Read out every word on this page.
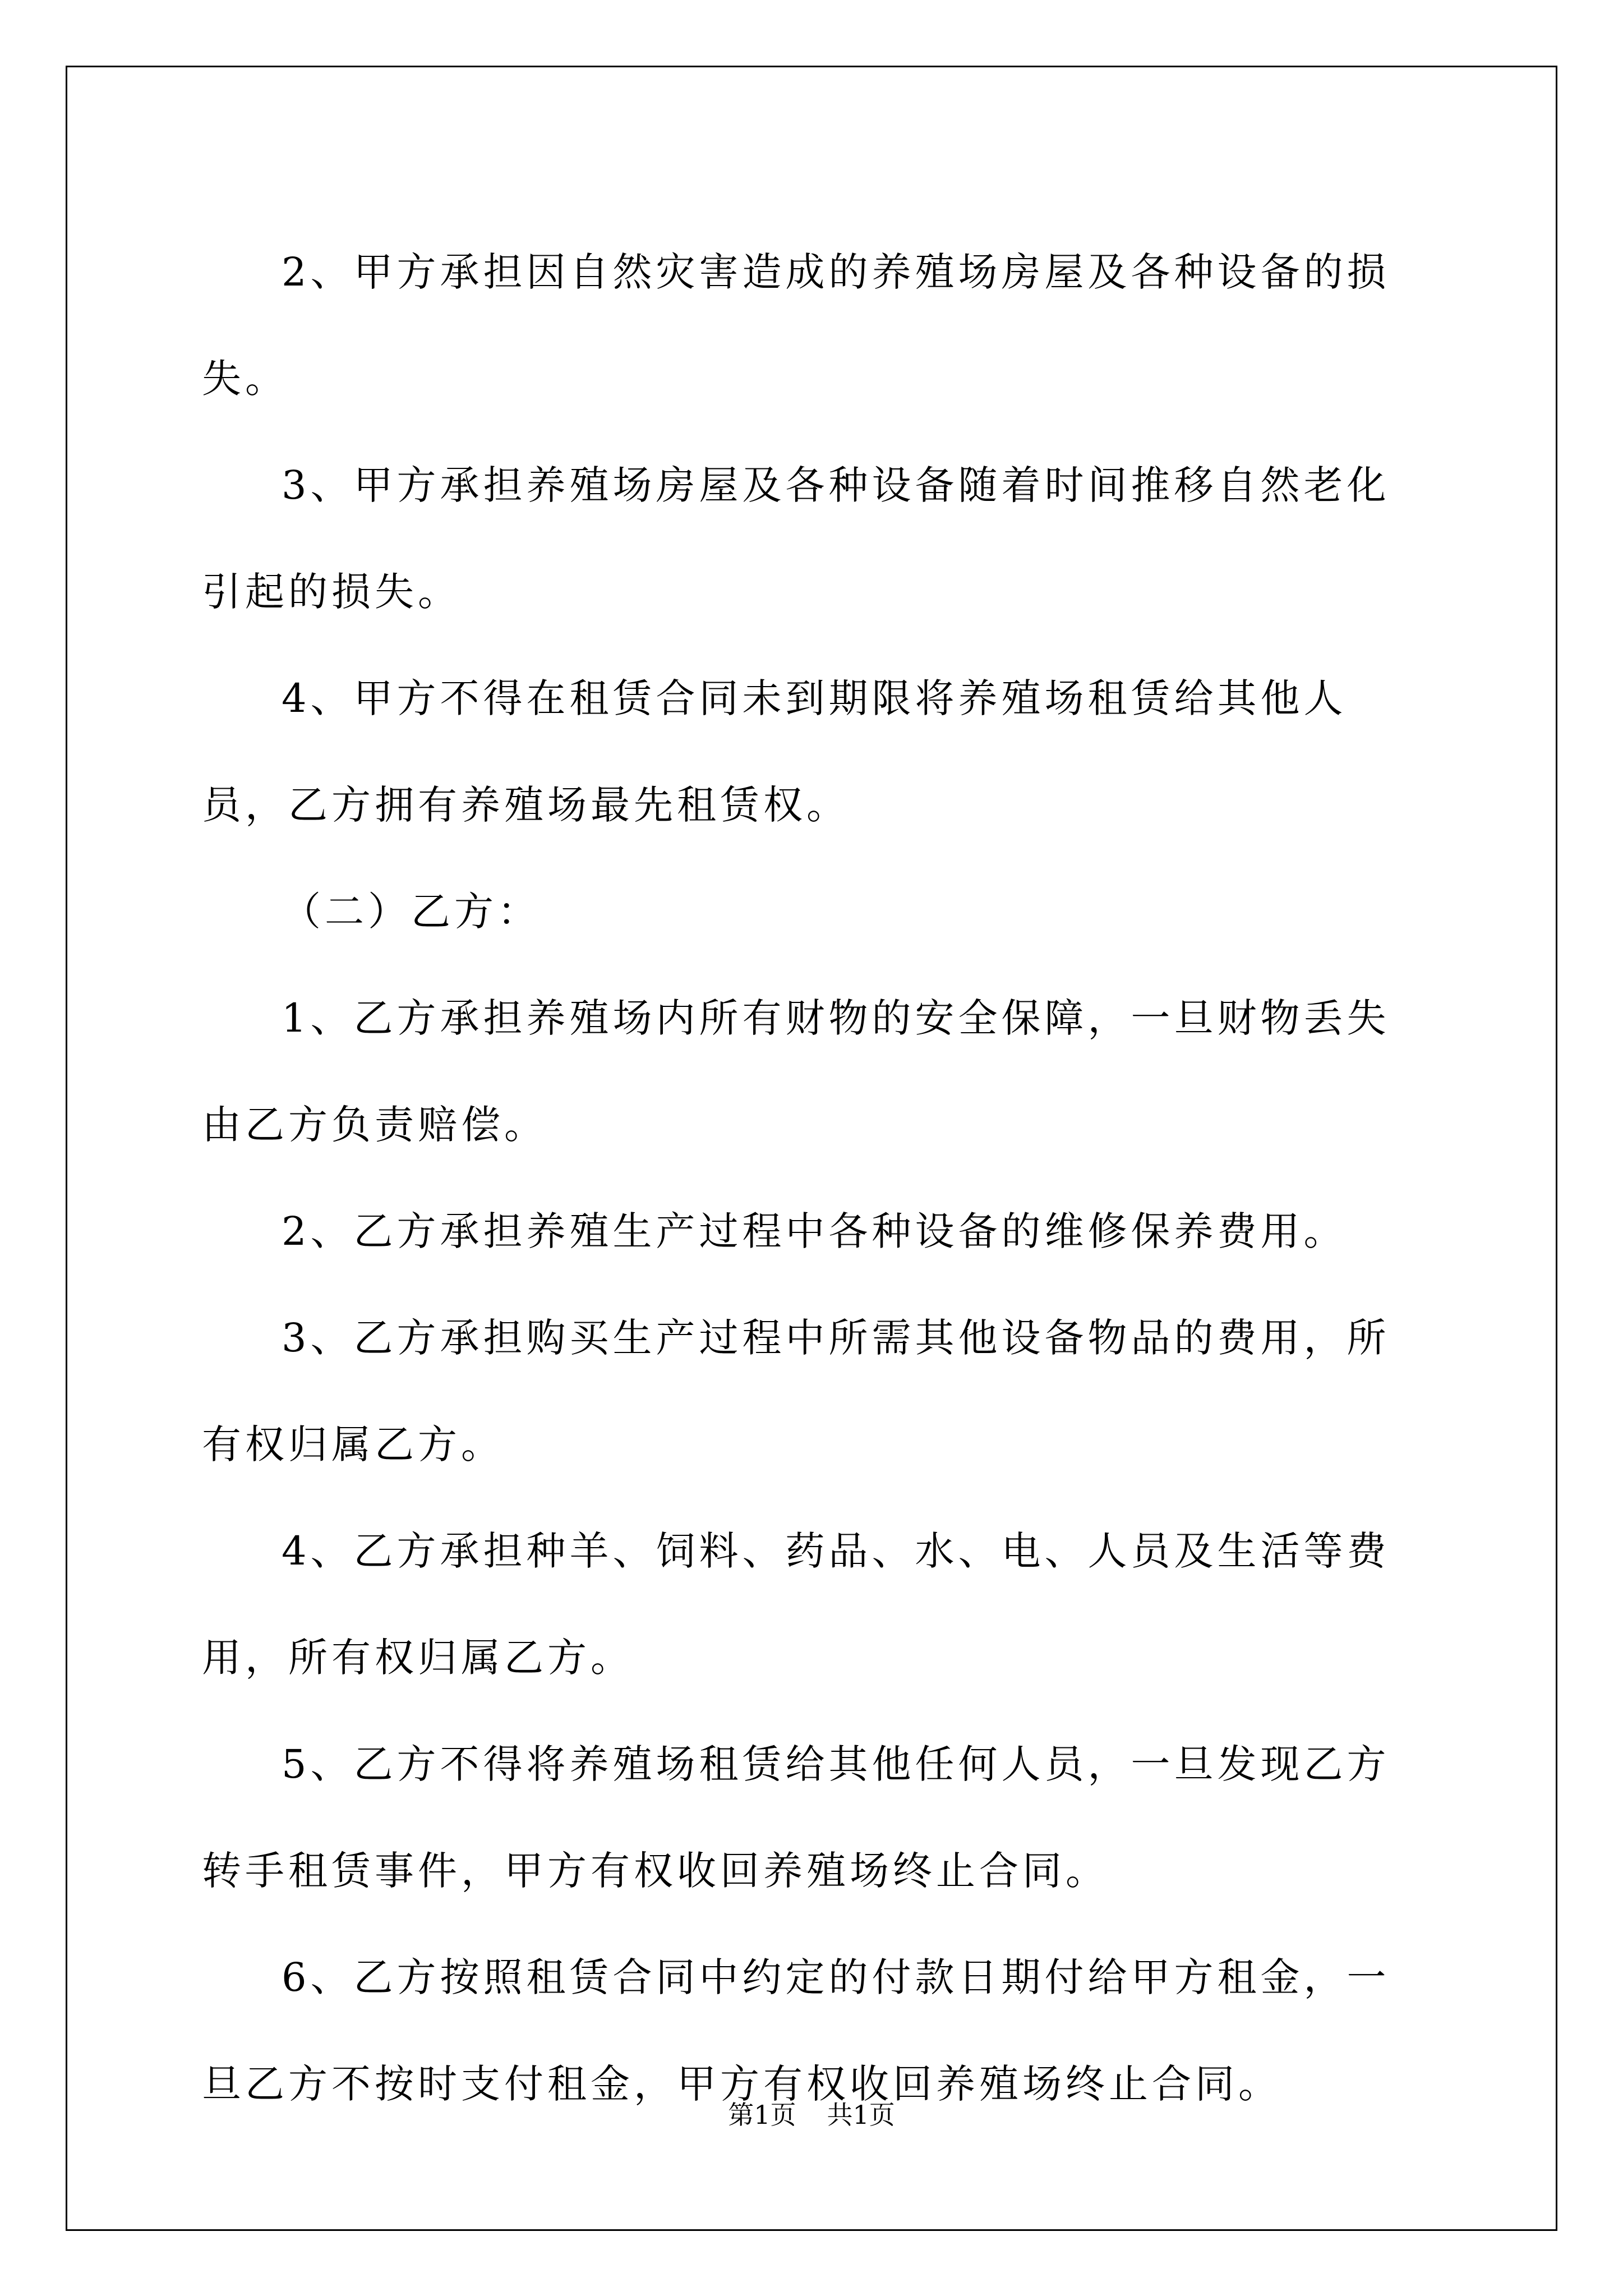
2、甲方承担因自然灾害造成的养殖场房屋及各种设备的损失。

3、甲方承担养殖场房屋及各种设备随着时间推移自然老化引起的损失。

4、甲方不得在租赁合同未到期限将养殖场租赁给其他人员，乙方拥有养殖场最先租赁权。

（二）乙方：

1、乙方承担养殖场内所有财物的安全保障，一旦财物丢失由乙方负责赔偿。

2、乙方承担养殖生产过程中各种设备的维修保养费用。

3、乙方承担购买生产过程中所需其他设备物品的费用，所有权归属乙方。

4、乙方承担种羊、饲料、药品、水、电、人员及生活等费用，所有权归属乙方。

5、乙方不得将养殖场租赁给其他任何人员，一旦发现乙方转手租赁事件，甲方有权收回养殖场终止合同。

6、乙方按照租赁合同中约定的付款日期付给甲方租金，一旦乙方不按时支付租金，甲方有权收回养殖场终止合同。

第1页 共1页
